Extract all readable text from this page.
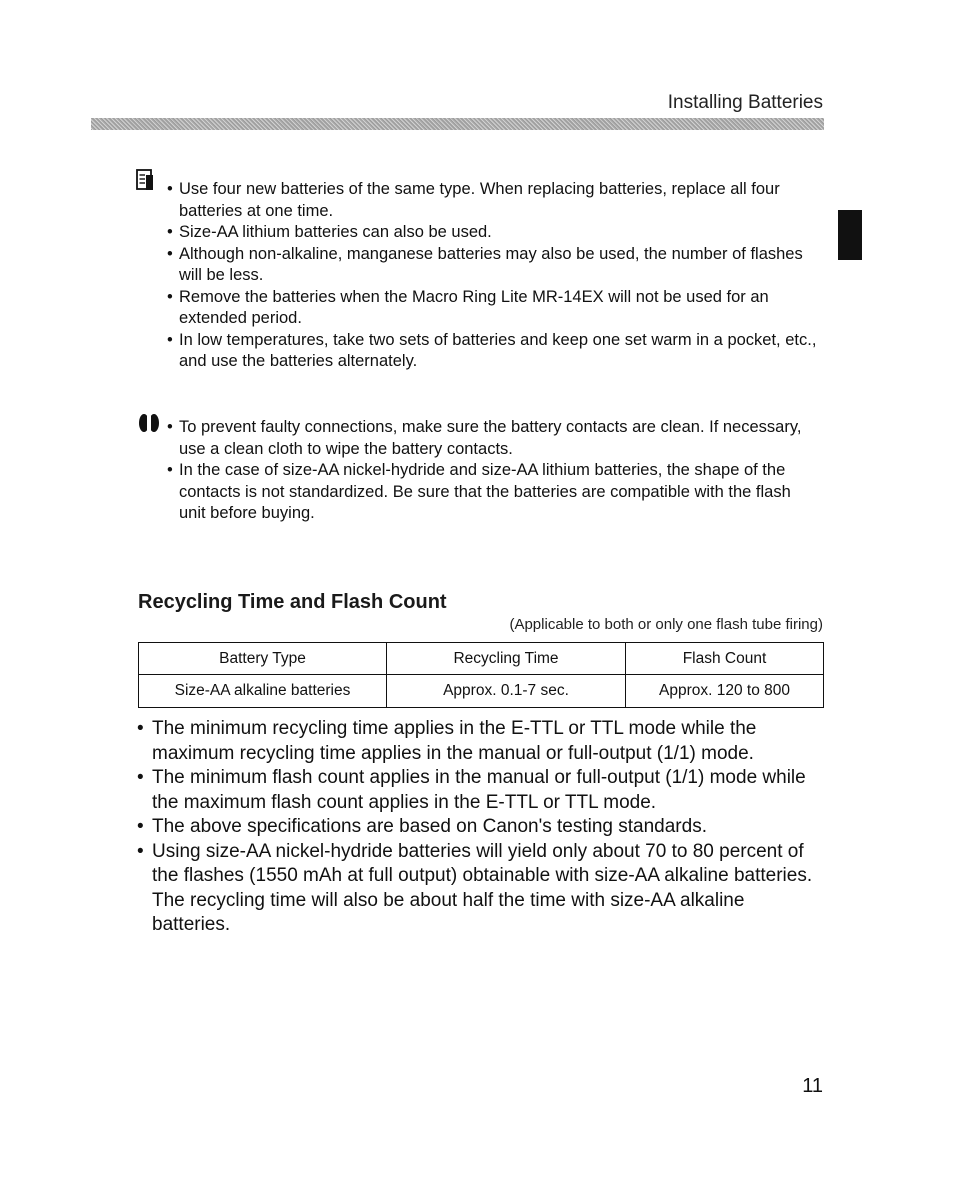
Installing Batteries
• Use four new batteries of the same type. When replacing batteries, replace all four batteries at one time.
• Size-AA lithium batteries can also be used.
• Although non-alkaline, manganese batteries may also be used, the number of flashes will be less.
• Remove the batteries when the Macro Ring Lite MR-14EX will not be used for an extended period.
• In low temperatures, take two sets of batteries and keep one set warm in a pocket, etc., and use the batteries alternately.
• To prevent faulty connections, make sure the battery contacts are clean. If necessary, use a clean cloth to wipe the battery contacts.
• In the case of size-AA nickel-hydride and size-AA lithium batteries, the shape of the contacts is not standardized. Be sure that the batteries are compatible with the flash unit before buying.
Recycling Time and Flash Count
(Applicable to both or only one flash tube firing)
Battery Type	Recycling Time	Flash Count
Size-AA alkaline batteries	Approx. 0.1-7 sec.	Approx. 120 to 800
• The minimum recycling time applies in the E-TTL or TTL mode while the maximum recycling time applies in the manual or full-output (1/1) mode.
• The minimum flash count applies in the manual or full-output (1/1) mode while the maximum flash count applies in the E-TTL or TTL mode.
• The above specifications are based on Canon's testing standards.
• Using size-AA nickel-hydride batteries will yield only about 70 to 80 percent of the flashes (1550 mAh at full output) obtainable with size-AA alkaline batteries. The recycling time will also be about half the time with size-AA alkaline batteries.
11
